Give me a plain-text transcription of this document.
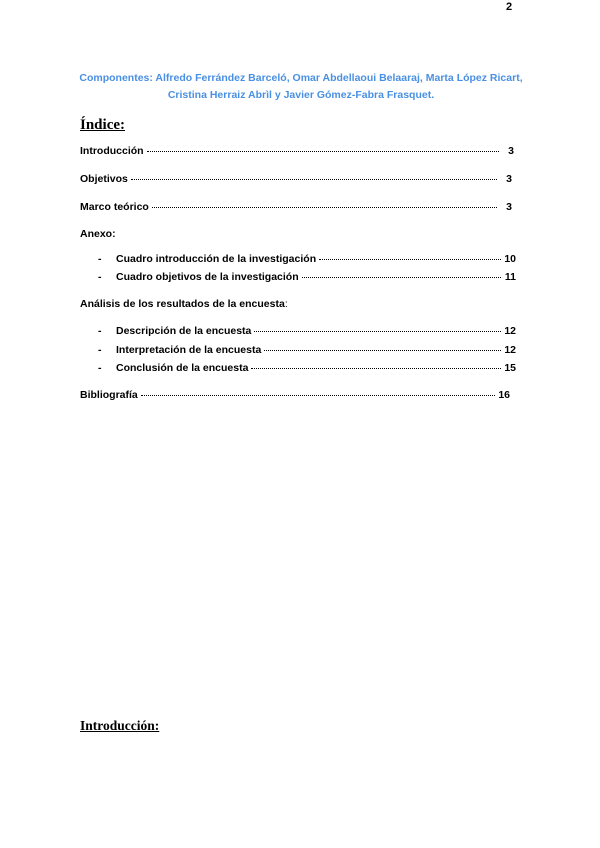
2
Componentes: Alfredo Ferrández Barceló, Omar Abdellaoui Belaaraj, Marta López Ricart, Cristina Herraiz Abrìl y Javier Gómez-Fabra Frasquet.
Índice:
Introducción	3
Objetivos	3
Marco teórico	3
Anexo:
-	Cuadro introducción de la investigación	10
-	Cuadro objetivos de la investigación	11
Análisis de los resultados de la encuesta:
-	Descripción de la encuesta	12
-	Interpretación de la encuesta	12
-	Conclusión de la encuesta	15
Bibliografía	16
Introducción:
